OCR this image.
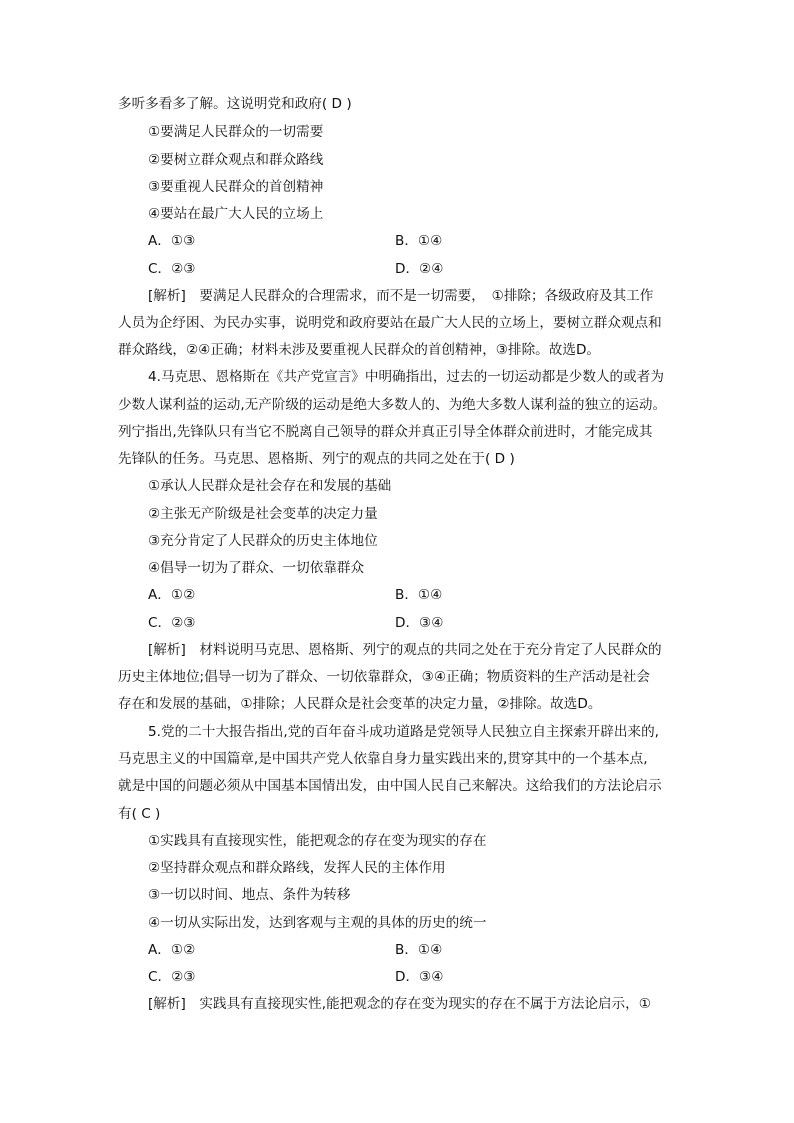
多听多看多了解。这说明党和政府( D )
①要满足人民群众的一切需要
②要树立群众观点和群众路线
③要重视人民群众的首创精神
④要站在最广大人民的立场上
A．①③	B．①④
C．②③	D．②④
[解析]　要满足人民群众的合理需求，而不是一切需要，　①排除；各级政府及其工作
人员为企纾困、为民办实事，说明党和政府要站在最广大人民的立场上，要树立群众观点和
群众路线，②④正确；材料未涉及要重视人民群众的首创精神，③排除。故选D。
4.马克思、恩格斯在《共产党宣言》中明确指出，过去的一切运动都是少数人的或者为
少数人谋利益的运动,无产阶级的运动是绝大多数人的、为绝大多数人谋利益的独立的运动。
列宁指出,先锋队只有当它不脱离自己领导的群众并真正引导全体群众前进时，才能完成其
先锋队的任务。马克思、恩格斯、列宁的观点的共同之处在于( D )
①承认人民群众是社会存在和发展的基础
②主张无产阶级是社会变革的决定力量
③充分肯定了人民群众的历史主体地位
④倡导一切为了群众、一切依靠群众
A．①②	B．①④
C．②③	D．③④
[解析]　材料说明马克思、恩格斯、列宁的观点的共同之处在于充分肯定了人民群众的
历史主体地位;倡导一切为了群众、一切依靠群众，③④正确；物质资料的生产活动是社会
存在和发展的基础，①排除；人民群众是社会变革的决定力量，②排除。故选D。
5.党的二十大报告指出,党的百年奋斗成功道路是党领导人民独立自主探索开辟出来的,
马克思主义的中国篇章,是中国共产党人依靠自身力量实践出来的,贯穿其中的一个基本点,
就是中国的问题必须从中国基本国情出发，由中国人民自己来解决。这给我们的方法论启示
有( C )
①实践具有直接现实性，能把观念的存在变为现实的存在
②坚持群众观点和群众路线，发挥人民的主体作用
③一切以时间、地点、条件为转移
④一切从实际出发，达到客观与主观的具体的历史的统一
A．①②	B．①④
C．②③	D．③④
[解析]　实践具有直接现实性,能把观念的存在变为现实的存在不属于方法论启示，①
